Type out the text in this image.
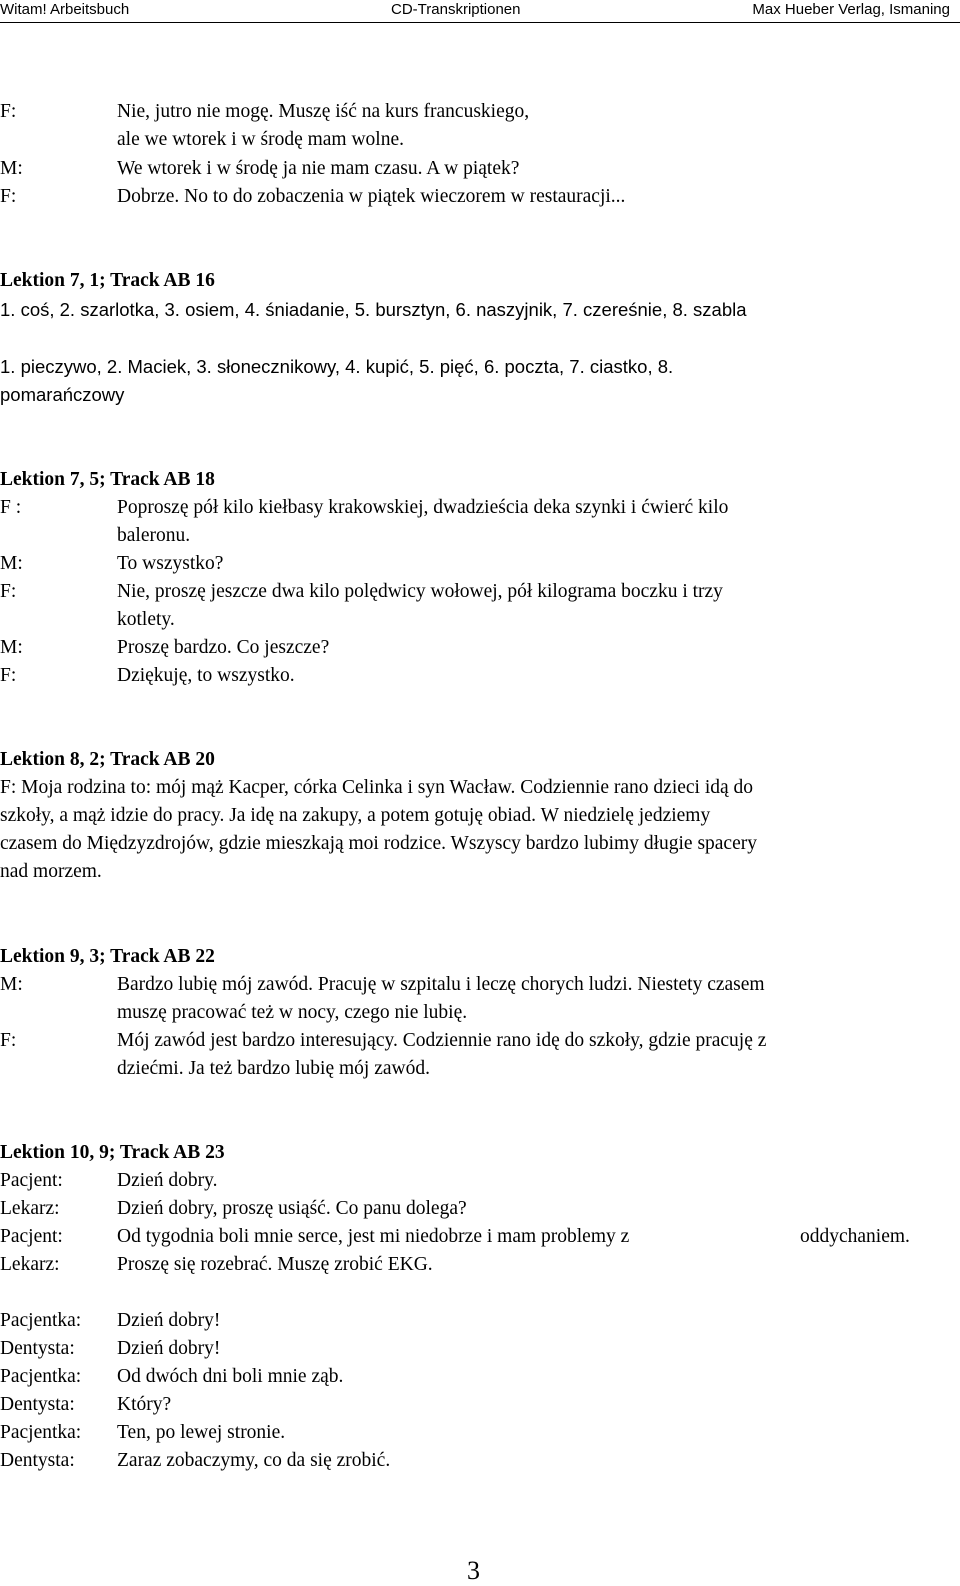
Witam! Arbeitsbuch	CD-Transkriptionen	Max Hueber Verlag, Ismaning
F:	Nie, jutro nie mogę. Muszę iść na kurs francuskiego,
ale we wtorek i w środę mam wolne.
M:	We wtorek i w środę ja nie mam czasu. A w piątek?
F:	Dobrze. No to do zobaczenia w piątek wieczorem w restauracji...
Lektion 7, 1; Track AB 16
1. coś, 2. szarlotka, 3. osiem, 4. śniadanie, 5. bursztyn, 6. naszyjnik, 7. czereśnie, 8. szabla
1. pieczywo, 2. Maciek, 3. słonecznikowy, 4. kupić, 5. pięć, 6. poczta, 7. ciastko, 8.
pomarańczowy
Lektion 7, 5; Track AB 18
F :	Poproszę pół kilo kiełbasy krakowskiej, dwadzieścia deka szynki i ćwierć kilo
baleronu.
M:	To wszystko?
F:	Nie, proszę jeszcze dwa kilo polędwicy wołowej, pół kilograma boczku i trzy
kotlety.
M:	Proszę bardzo. Co jeszcze?
F:	Dziękuję, to wszystko.
Lektion 8, 2; Track AB 20
F: Moja rodzina to: mój mąż Kacper, córka Celinka i syn Wacław. Codziennie rano dzieci idą do
szkoły, a mąż idzie do pracy. Ja idę na zakupy, a potem gotuję obiad. W niedzielę jedziemy
czasem do Międzyzdrojów, gdzie mieszkają moi rodzice. Wszyscy bardzo lubimy długie spacery
nad morzem.
Lektion 9, 3; Track AB 22
M:	Bardzo lubię mój zawód. Pracuję w szpitalu i leczę chorych ludzi. Niestety czasem
muszę pracować też w nocy, czego nie lubię.
F:	Mój zawód jest bardzo interesujący. Codziennie rano idę do szkoły, gdzie pracuję z
dziećmi. Ja też bardzo lubię mój zawód.
Lektion 10, 9; Track AB 23
Pacjent:	Dzień dobry.
Lekarz:	Dzień dobry, proszę usiąść. Co panu dolega?
Pacjent:	Od tygodnia boli mnie serce, jest mi niedobrze i mam problemy z	oddychaniem.
Lekarz:	Proszę się rozebrać. Muszę zrobić EKG.
Pacjentka: Dzień dobry!
Dentysta: Dzień dobry!
Pacjentka: Od dwóch dni boli mnie ząb.
Dentysta: Który?
Pacjentka: Ten, po lewej stronie.
Dentysta: Zaraz zobaczymy, co da się zrobić.
3
